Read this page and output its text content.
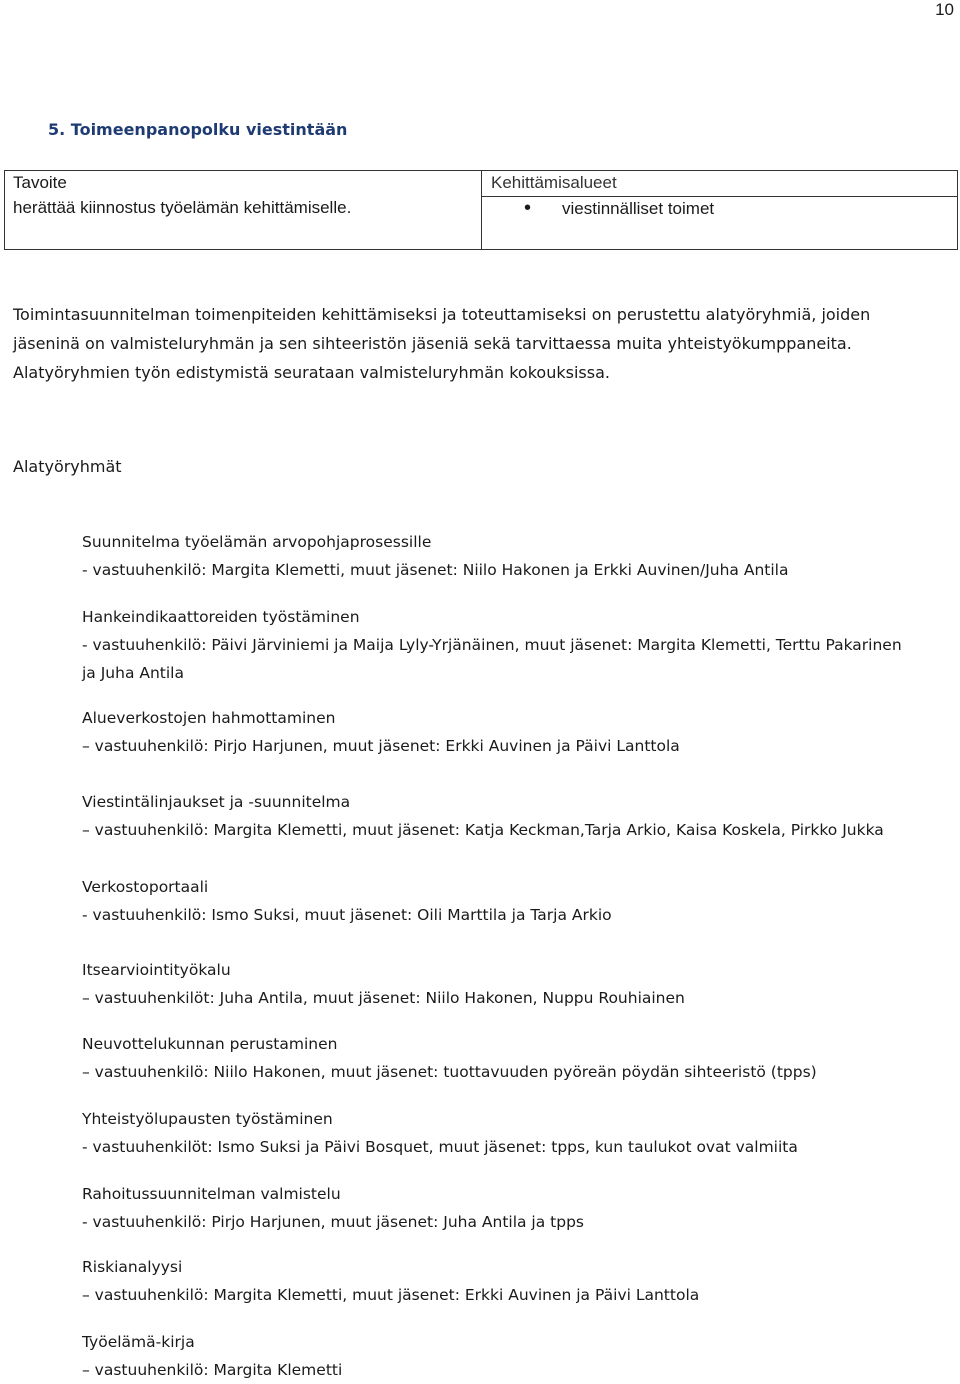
10
5. Toimeenpanopolku viestintään
Tavoite
herättää kiinnostus työelämän kehittämiselle.
Kehittämisalueet
• viestinnälliset toimet
Toimintasuunnitelman toimenpiteiden kehittämiseksi ja toteuttamiseksi on perustettu alatyöryhmiä, joiden
jäseninä on valmisteluryhmän ja sen sihteeristön jäseniä sekä tarvittaessa muita yhteistyökumppaneita.
Alatyöryhmien työn edistymistä seurataan valmisteluryhmän kokouksissa.
Alatyöryhmät
Suunnitelma työelämän arvopohjaprosessille
- vastuuhenkilö: Margita Klemetti, muut jäsenet: Niilo Hakonen ja Erkki Auvinen/Juha Antila
Hankeindikaattoreiden työstäminen
- vastuuhenkilö: Päivi Järviniemi ja Maija Lyly-Yrjänäinen, muut jäsenet: Margita Klemetti, Terttu Pakarinen
ja Juha Antila
Alueverkostojen hahmottaminen
– vastuuhenkilö: Pirjo Harjunen, muut jäsenet: Erkki Auvinen ja Päivi Lanttola
Viestintälinjaukset ja -suunnitelma
– vastuuhenkilö: Margita Klemetti, muut jäsenet: Katja Keckman,Tarja Arkio, Kaisa Koskela, Pirkko Jukka
Verkostoportaali
- vastuuhenkilö: Ismo Suksi, muut jäsenet: Oili Marttila ja Tarja Arkio
Itsearviointityökalu
– vastuuhenkilöt: Juha Antila, muut jäsenet: Niilo Hakonen, Nuppu Rouhiainen
Neuvottelukunnan perustaminen
– vastuuhenkilö: Niilo Hakonen, muut jäsenet: tuottavuuden pyöreän pöydän sihteeristö (tpps)
Yhteistyölupausten työstäminen
- vastuuhenkilöt: Ismo Suksi ja Päivi Bosquet, muut jäsenet: tpps, kun taulukot ovat valmiita
Rahoitussuunnitelman valmistelu
- vastuuhenkilö: Pirjo Harjunen, muut jäsenet: Juha Antila ja tpps
Riskianalyysi
– vastuuhenkilö: Margita Klemetti, muut jäsenet: Erkki Auvinen ja Päivi Lanttola
Työelämä-kirja
– vastuuhenkilö: Margita Klemetti
